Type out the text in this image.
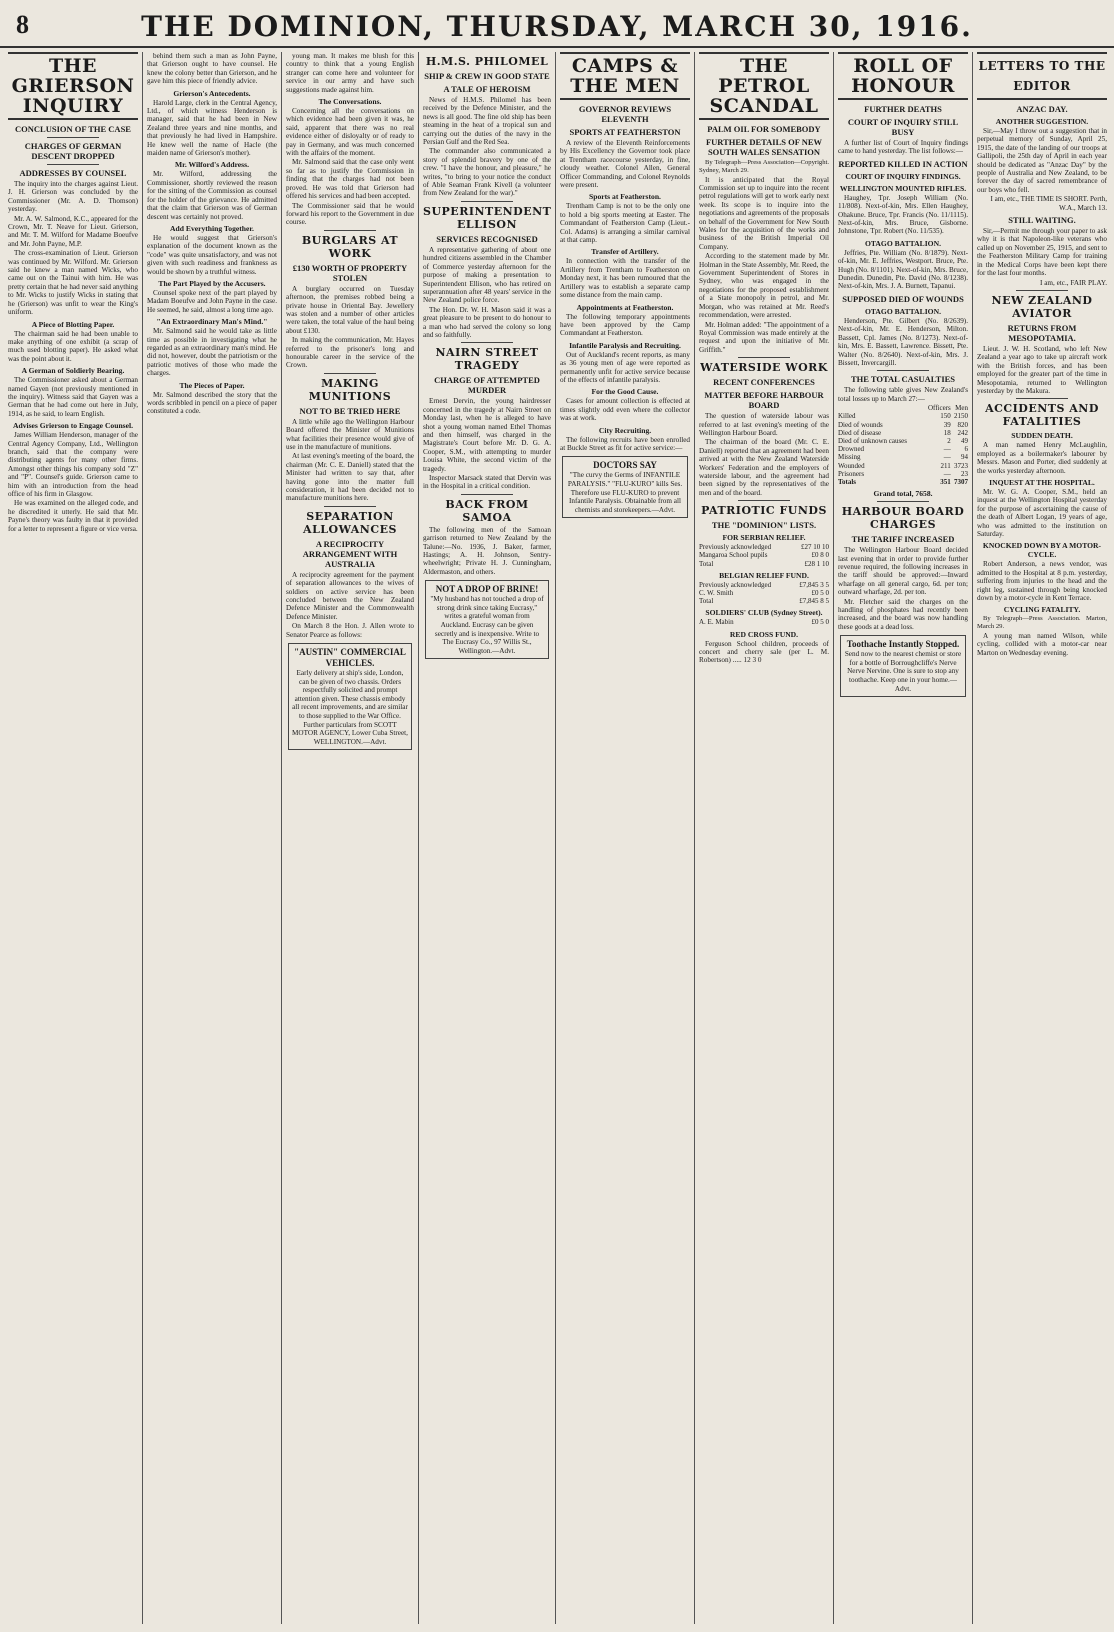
8	THE DOMINION, THURSDAY, MARCH 30, 1916.
THE GRIERSON INQUIRY
CONCLUSION OF THE CASE
CHARGES OF GERMAN DESCENT DROPPED
ADDRESSES BY COUNSEL
The inquiry into the charges against Lieut. J. H. Grierson was concluded by the Commissioner (Mr. A. D. Thomson) yesterday.
Mr. A. W. Salmond, K.C., appeared for the Crown, Mr. T. Neave for Lieut. Grierson, and Mr. T. M. Wilford for Madame Boeufve and Mr. John Payne, M.P.
The cross-examination of Lieut. Grierson was continued by Mr. Wilford. Mr. Grierson said he knew a man named Wicks, who came out on the Tainui with him. He was pretty certain that he had never said anything to Mr. Wicks to justify Wicks in stating that he (Grierson) was unfit to wear the King's uniform.
A Piece of Blotting Paper.
The chairman said he had been unable to make anything of one exhibit (a scrap of much used blotting paper). He asked what was the point about it.
A German of Soldierly Bearing.
The Commissioner asked about a German named Gayen (not previously mentioned in the inquiry). Witness said that Gayen was a German that he had come out here in July, 1914, as he said, to learn English.
Advises Grierson to Engage Counsel.
James William Henderson, manager of the Central Agency Company, Ltd., Wellington branch, said that the company were distributing agents for many other firms. Amongst other things his company sold "Z" and "P". Counsel's guide. Grierson came to him with an introduction from the head office of his firm in Glasgow.
He was examined on the alleged code, and he discredited it utterly. He said that Mr. Payne's theory was faulty in that it provided for a letter to represent a figure or vice versa.
behind them such a man as John Payne, that Grierson ought to have counsel. He knew the colony better than Grierson, and he gave him this piece of friendly advice.
Grierson's Antecedents.
Harold Large, clerk in the Central Agency, Ltd., of which witness Henderson is manager, said that he had been in New Zealand three years and nine months, and that previously he had lived in Hampshire. He knew well the name of Hacle (the maiden name of Grierson's mother).
Mr. Wilford's Address.
Mr. Wilford, addressing the Commissioner, shortly reviewed the reason for the sitting of the Commission as counsel for the holder of the grievance. He admitted that the claim that Grierson was of German descent was certainly not proved.
Add Everything Together.
He would suggest that Grierson's explanation of the document known as the "code" was quite unsatisfactory, and was not given with such readiness and frankness as would be shown by a truthful witness.
The Part Played by the Accusers.
Counsel spoke next of the part played by Madam Boeufve and John Payne in the case. He seemed, he said, almost a long time ago.
"An Extraordinary Man's Mind."
Mr. Salmond said he would take as little time as possible in investigating what he regarded as an extraordinary man's mind. He did not, however, doubt the patriotism or the patriotic motives of those who made the charges.
The Pieces of Paper.
Mr. Salmond described the story that the words scribbled in pencil on a piece of paper constituted a code.
young man. It makes me blush for this country to think that a young English stranger can come here and volunteer for service in our army and have such suggestions made against him.
The Conversations.
Concerning all the conversations on which evidence had been given it was, he said, apparent that there was no real evidence either of disloyalty or of ready to pay in Germany, and was much concerned with the affairs of the moment.
Mr. Salmond said that the case only went so far as to justify the Commission in finding that the charges had not been proved. He was told that Grierson had offered his services and had been accepted.
The Commissioner said that he would forward his report to the Government in due course.
BURGLARS AT WORK
£130 WORTH OF PROPERTY STOLEN
A burglary occurred on Tuesday afternoon, the premises robbed being a private house in Oriental Bay. Jewellery was stolen and a number of other articles were taken, the total value of the haul being about £130.
In making the communication, Mr. Hayes referred to the prisoner's long and honourable career in the service of the Crown.
MAKING MUNITIONS
NOT TO BE TRIED HERE
A little while ago the Wellington Harbour Board offered the Minister of Munitions what facilities their presence would give of use in the manufacture of munitions.
At last evening's meeting of the board, the chairman (Mr. C. E. Daniell) stated that the Minister had written to say that, after having gone into the matter full consideration, it had been decided not to manufacture munitions here.
SEPARATION ALLOWANCES
A RECIPROCITY ARRANGEMENT WITH AUSTRALIA
A reciprocity agreement for the payment of separation allowances to the wives of soldiers on active service has been concluded between the New Zealand Defence Minister and the Commonwealth Defence Minister.
On March 8 the Hon. J. Allen wrote to Senator Pearce as follows:
"AUSTIN" COMMERCIAL VEHICLES.
Early delivery at ship's side, London, can be given of two chassis. Orders respectfully solicited and prompt attention given. These chassis embody all recent improvements, and are similar to those supplied to the War Office.
Further particulars from SCOTT MOTOR AGENCY, Lower Cuba Street, WELLINGTON.—Advt.
H.M.S. PHILOMEL
SHIP & CREW IN GOOD STATE
A TALE OF HEROISM
News of H.M.S. Philomel has been received by the Defence Minister, and the news is all good. The fine old ship has been steaming in the heat of a tropical sun and carrying out the duties of the navy in the Persian Gulf and the Red Sea.
The commander also communicated a story of splendid bravery by one of the crew. "I have the honour, and pleasure," he writes, "to bring to your notice the conduct of Able Seaman Frank Kivell (a volunteer from New Zealand for the war)."
SUPERINTENDENT ELLISON
SERVICES RECOGNISED
A representative gathering of about one hundred citizens assembled in the Chamber of Commerce yesterday afternoon for the purpose of making a presentation to Superintendent Ellison, who has retired on superannuation after 48 years' service in the New Zealand police force.
The Hon. Dr. W. H. Mason said it was a great pleasure to be present to do honour to a man who had served the colony so long and so faithfully.
NAIRN STREET TRAGEDY
CHARGE OF ATTEMPTED MURDER
Ernest Dervin, the young hairdresser concerned in the tragedy at Nairn Street on Monday last, when he is alleged to have shot a young woman named Ethel Thomas and then himself, was charged in the Magistrate's Court before Mr. D. G. A. Cooper, S.M., with attempting to murder Louisa White, the second victim of the tragedy.
Inspector Marsack stated that Dervin was in the Hospital in a critical condition.
BACK FROM SAMOA
The following men of the Samoan garrison returned to New Zealand by the Talune:—No. 1936, J. Baker, farmer, Hastings; A. H. Johnson, Sentry-wheelwright; Private H. J. Cunningham, Aldermaston, and others.
NOT A DROP OF BRINE!
"My husband has not touched a drop of strong drink since taking Eucrasy," writes a grateful woman from Auckland. Eucrasy can be given secretly and is inexpensive. Write to The Eucrasy Co., 97 Willis St., Wellington.—Advt.
CAMPS & THE MEN
GOVERNOR REVIEWS ELEVENTH
SPORTS AT FEATHERSTON
A review of the Eleventh Reinforcements by His Excellency the Governor took place at Trentham racecourse yesterday, in fine, cloudy weather. Colonel Allen, General Officer Commanding, and Colonel Reynolds were present.
Sports at Featherston.
Trentham Camp is not to be the only one to hold a big sports meeting at Easter. The Commandant of Featherston Camp (Lieut.-Col. Adams) is arranging a similar carnival at that camp.
Transfer of Artillery.
In connection with the transfer of the Artillery from Trentham to Featherston on Monday next, it has been rumoured that the Artillery was to establish a separate camp some distance from the main camp.
Appointments at Featherston.
The following temporary appointments have been approved by the Camp Commandant at Featherston.
Infantile Paralysis and Recruiting.
Out of Auckland's recent reports, as many as 36 young men of age were reported as permanently unfit for active service because of the effects of infantile paralysis.
For the Good Cause.
Cases for amount collection is effected at times slightly odd even where the collector was at work.
City Recruiting.
The following recruits have been enrolled at Buckle Street as fit for active service:—
DOCTORS SAY
"The curvy the Germs of INFANTILE PARALYSIS." "FLU-KURO" kills Ses. Therefore use FLU-KURO to prevent Infantile Paralysis. Obtainable from all chemists and storekeepers.—Advt.
THE PETROL SCANDAL
PALM OIL FOR SOMEBODY
FURTHER DETAILS OF NEW SOUTH WALES SENSATION
By Telegraph—Press Association—Copyright. Sydney, March 29.
It is anticipated that the Royal Commission set up to inquire into the recent petrol regulations will get to work early next week. Its scope is to inquire into the negotiations and agreements of the proposals on behalf of the Government for New South Wales for the acquisition of the works and business of the British Imperial Oil Company.
According to the statement made by Mr. Holman in the State Assembly, Mr. Reed, the Government Superintendent of Stores in Sydney, who was engaged in the negotiations for the proposed establishment of a State monopoly in petrol, and Mr. Morgan, who was retained at Mr. Reed's recommendation, were arrested.
Mr. Holman added: "The appointment of a Royal Commission was made entirely at the request and upon the initiative of Mr. Griffith."
WATERSIDE WORK
RECENT CONFERENCES
MATTER BEFORE HARBOUR BOARD
The question of waterside labour was referred to at last evening's meeting of the Wellington Harbour Board.
The chairman of the board (Mr. C. E. Daniell) reported that an agreement had been arrived at with the New Zealand Waterside Workers' Federation and the employers of waterside labour, and the agreement had been signed by the representatives of the men and of the board.
PATRIOTIC FUNDS
THE "DOMINION" LISTS.
FOR SERBIAN RELIEF.
Previously acknowledged	£27 10 10
Mangaroa School pupils	£0 8 0
Total	£28 1 10
BELGIAN RELIEF FUND.
Previously acknowledged	£7,845 3 5
C. W. Smith	£0 5 0
Total	£7,845 8 5
SOLDIERS' CLUB (Sydney Street).
A. E. Mabin	£0 5 0
RED CROSS FUND.
Ferguson School children, proceeds of concert and cherry sale (per L. M. Robertson) ..... 12 3 0
ROLL OF HONOUR
FURTHER DEATHS
COURT OF INQUIRY STILL BUSY
A further list of Court of Inquiry findings came to hand yesterday. The list follows:—
REPORTED KILLED IN ACTION
COURT OF INQUIRY FINDINGS.
WELLINGTON MOUNTED RIFLES.
Haughey, Tpr. Joseph William (No. 11/808). Next-of-kin, Mrs. Ellen Haughey, Ohakune. Bruce, Tpr. Francis (No. 11/1115). Next-of-kin, Mrs. Bruce, Gisborne. Johnstone, Tpr. Robert (No. 11/535).
OTAGO BATTALION.
Jeffries, Pte. William (No. 8/1879). Next-of-kin, Mr. E. Jeffries, Westport. Bruce, Pte. Hugh (No. 8/1101). Next-of-kin, Mrs. Bruce, Dunedin. Dunedin, Pte. David (No. 8/1238). Next-of-kin, Mrs. J. A. Burnett, Tapanui.
SUPPOSED DIED OF WOUNDS
OTAGO BATTALION.
Henderson, Pte. Gilbert (No. 8/2639). Next-of-kin, Mr. E. Henderson, Milton. Bassett, Cpl. James (No. 8/1273). Next-of-kin, Mrs. E. Bassett, Lawrence. Bissett, Pte. Walter (No. 8/2640). Next-of-kin, Mrs. J. Bissett, Invercargill.
THE TOTAL CASUALTIES
The following table gives New Zealand's total losses up to March 27:—
	Officers	Men
Killed	150	2150
Died of wounds	39	820
Died of disease	18	242
Died of unknown causes	2	49
Drowned	—	6
Missing	—	94
Wounded	211	3723
Prisoners	—	23
Totals	351	7307
Grand total, 7658.
HARBOUR BOARD CHARGES
THE TARIFF INCREASED
The Wellington Harbour Board decided last evening that in order to provide further revenue required, the following increases in the tariff should be approved:—Inward wharfage on all general cargo, 6d. per ton; outward wharfage, 2d. per ton.
Mr. Fletcher said the charges on the handling of phosphates had recently been increased, and the board was now handling these goods at a dead loss.
Toothache Instantly Stopped.
Send now to the nearest chemist or store for a bottle of Borroughcliffe's Nerve Nerve Nervine. One is sure to stop any toothache. Keep one in your home.—Advt.
LETTERS TO THE EDITOR
ANZAC DAY.
ANOTHER SUGGESTION.
Sir,—May I throw out a suggestion that in perpetual memory of Sunday, April 25, 1915, the date of the landing of our troops at Gallipoli, the 25th day of April in each year should be dedicated as "Anzac Day" by the people of Australia and New Zealand, to be forever the day of sacred remembrance of our boys who fell.
I am, etc., THE TIME IS SHORT. Perth, W.A., March 13.
STILL WAITING.
Sir,—Permit me through your paper to ask why it is that Napoleon-like veterans who called up on November 25, 1915, and sent to the Featherston Military Camp for training in the Medical Corps have been kept there for the last four months.
I am, etc., FAIR PLAY.
NEW ZEALAND AVIATOR
RETURNS FROM MESOPOTAMIA.
Lieut. J. W. H. Scotland, who left New Zealand a year ago to take up aircraft work with the British forces, and has been employed for the greater part of the time in Mesopotamia, returned to Wellington yesterday by the Makura.
ACCIDENTS AND FATALITIES
SUDDEN DEATH.
A man named Henry McLaughlin, employed as a boilermaker's labourer by Messrs. Mason and Porter, died suddenly at the works yesterday afternoon.
INQUEST AT THE HOSPITAL.
Mr. W. G. A. Cooper, S.M., held an inquest at the Wellington Hospital yesterday for the purpose of ascertaining the cause of the death of Albert Logan, 19 years of age, who was admitted to the institution on Saturday.
KNOCKED DOWN BY A MOTOR-CYCLE.
Robert Anderson, a news vendor, was admitted to the Hospital at 8 p.m. yesterday, suffering from injuries to the head and the right leg, sustained through being knocked down by a motor-cycle in Kent Terrace.
CYCLING FATALITY.
By Telegraph—Press Association. Marton, March 29.
A young man named Wilson, while cycling, collided with a motor-car near Marton on Wednesday evening.
